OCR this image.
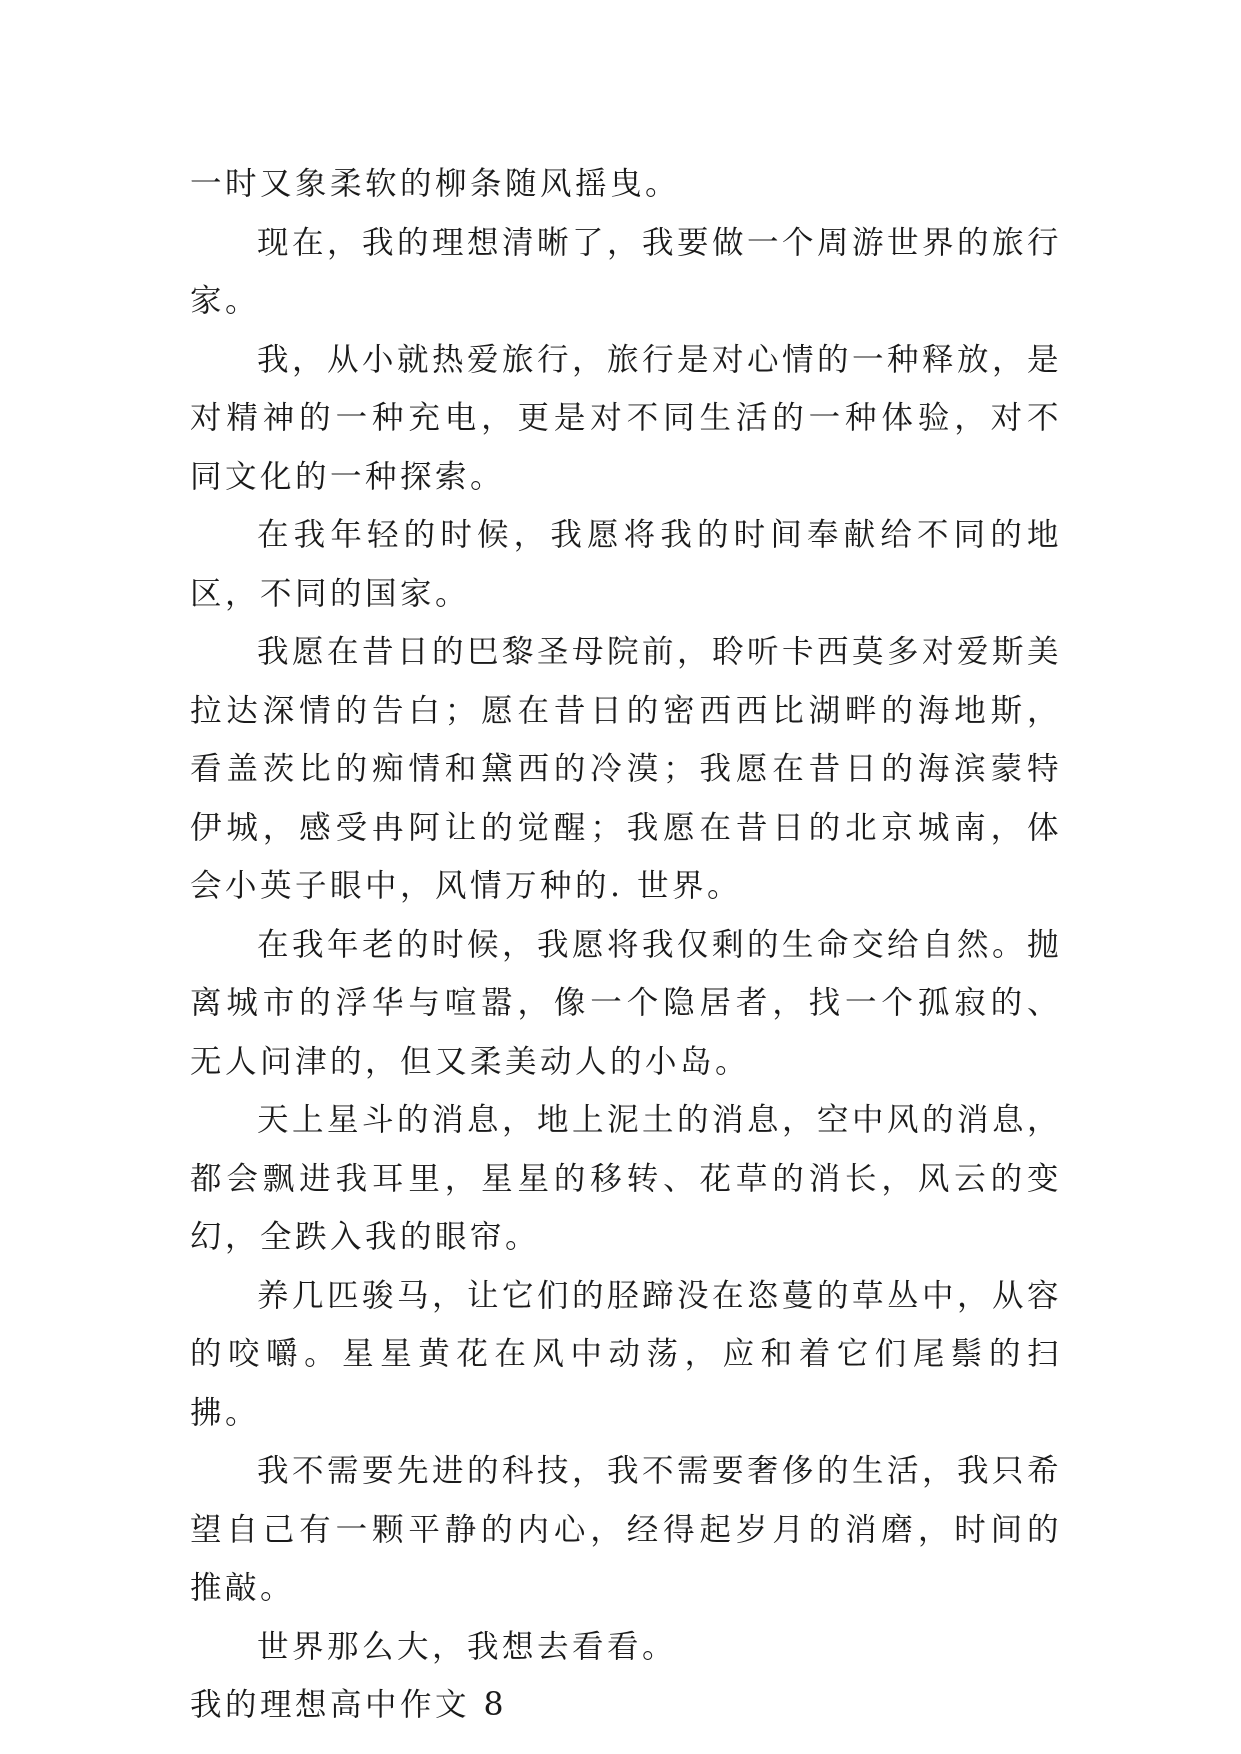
一时又象柔软的柳条随风摇曳。

现在，我的理想清晰了，我要做一个周游世界的旅行家。

我，从小就热爱旅行，旅行是对心情的一种释放，是对精神的一种充电，更是对不同生活的一种体验，对不同文化的一种探索。

在我年轻的时候，我愿将我的时间奉献给不同的地区，不同的国家。

我愿在昔日的巴黎圣母院前，聆听卡西莫多对爱斯美拉达深情的告白；愿在昔日的密西西比湖畔的海地斯，看盖茨比的痴情和黛西的冷漠；我愿在昔日的海滨蒙特伊城，感受冉阿让的觉醒；我愿在昔日的北京城南，体会小英子眼中，风情万种的. 世界。

在我年老的时候，我愿将我仅剩的生命交给自然。抛离城市的浮华与喧嚣，像一个隐居者，找一个孤寂的、无人问津的，但又柔美动人的小岛。

天上星斗的消息，地上泥土的消息，空中风的消息，都会飘进我耳里，星星的移转、花草的消长，风云的变幻，全跌入我的眼帘。

养几匹骏马，让它们的胫蹄没在恣蔓的草丛中，从容的咬嚼。星星黄花在风中动荡，应和着它们尾鬃的扫拂。

我不需要先进的科技，我不需要奢侈的生活，我只希望自己有一颗平静的内心，经得起岁月的消磨，时间的推敲。

世界那么大，我想去看看。

我的理想高中作文 8
